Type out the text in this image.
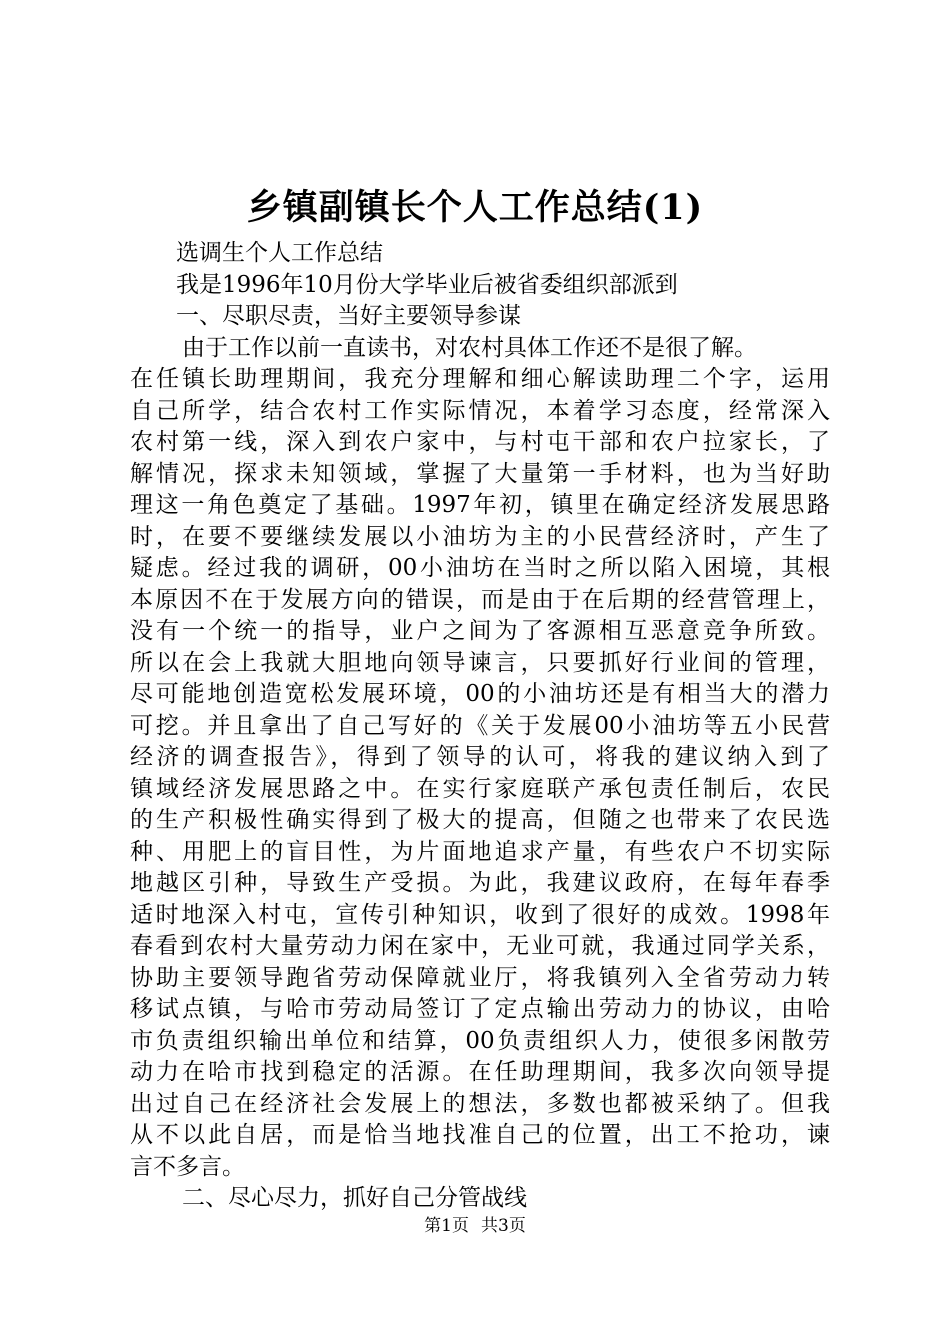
乡镇副镇长个人工作总结(1)
选调生个人工作总结
我是1996年10月份大学毕业后被省委组织部派到
一、尽职尽责，当好主要领导参谋
由于工作以前一直读书，对农村具体工作还不是很了解。
在任镇长助理期间，我充分理解和细心解读助理二个字，运用
自己所学，结合农村工作实际情况，本着学习态度，经常深入
农村第一线，深入到农户家中，与村屯干部和农户拉家长，了
解情况，探求未知领域，掌握了大量第一手材料，也为当好助
理这一角色奠定了基础。1997年初，镇里在确定经济发展思路
时，在要不要继续发展以小油坊为主的小民营经济时，产生了
疑虑。经过我的调研，00小油坊在当时之所以陷入困境，其根
本原因不在于发展方向的错误，而是由于在后期的经营管理上，
没有一个统一的指导，业户之间为了客源相互恶意竞争所致。
所以在会上我就大胆地向领导谏言，只要抓好行业间的管理，
尽可能地创造宽松发展环境，00的小油坊还是有相当大的潜力
可挖。并且拿出了自己写好的《关于发展00小油坊等五小民营
经济的调查报告》，得到了领导的认可，将我的建议纳入到了
镇域经济发展思路之中。在实行家庭联产承包责任制后，农民
的生产积极性确实得到了极大的提高，但随之也带来了农民选
种、用肥上的盲目性，为片面地追求产量，有些农户不切实际
地越区引种，导致生产受损。为此，我建议政府，在每年春季
适时地深入村屯，宣传引种知识，收到了很好的成效。1998年
春看到农村大量劳动力闲在家中，无业可就，我通过同学关系，
协助主要领导跑省劳动保障就业厅，将我镇列入全省劳动力转
移试点镇，与哈市劳动局签订了定点输出劳动力的协议，由哈
市负责组织输出单位和结算，00负责组织人力，使很多闲散劳
动力在哈市找到稳定的活源。在任助理期间，我多次向领导提
出过自己在经济社会发展上的想法，多数也都被采纳了。但我
从不以此自居，而是恰当地找准自己的位置，出工不抢功，谏
言不多言。
二、尽心尽力，抓好自己分管战线
第1页 共3页
